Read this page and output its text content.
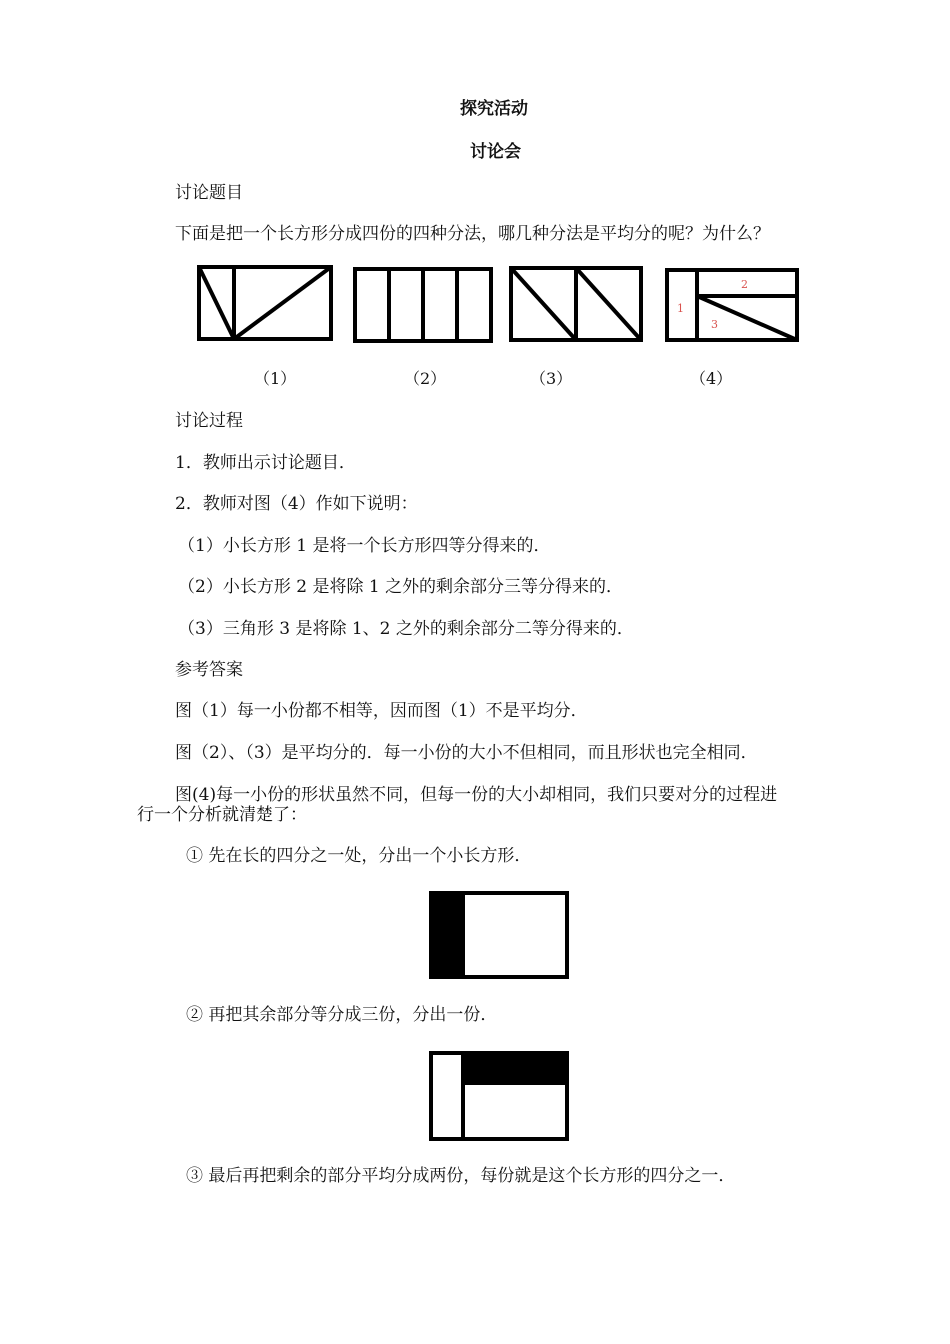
探究活动
讨论会
讨论题目
下面是把一个长方形分成四份的四种分法，哪几种分法是平均分的呢？为什么？
1
2
3
（1）	（2）	（3）	（4）
讨论过程
1．教师出示讨论题目．
2．教师对图（4）作如下说明：
（1）小长方形 1 是将一个长方形四等分得来的．
（2）小长方形 2 是将除 1 之外的剩余部分三等分得来的．
（3）三角形 3 是将除 1、2 之外的剩余部分二等分得来的．
参考答案
图（1）每一小份都不相等，因而图（1）不是平均分．
图（2）、（3）是平均分的．每一小份的大小不但相同，而且形状也完全相同．
图(4)每一小份的形状虽然不同，但每一份的大小却相同，我们只要对分的过程进
行一个分析就清楚了：
① 先在长的四分之一处，分出一个小长方形．
② 再把其余部分等分成三份，分出一份．
③ 最后再把剩余的部分平均分成两份，每份就是这个长方形的四分之一．
